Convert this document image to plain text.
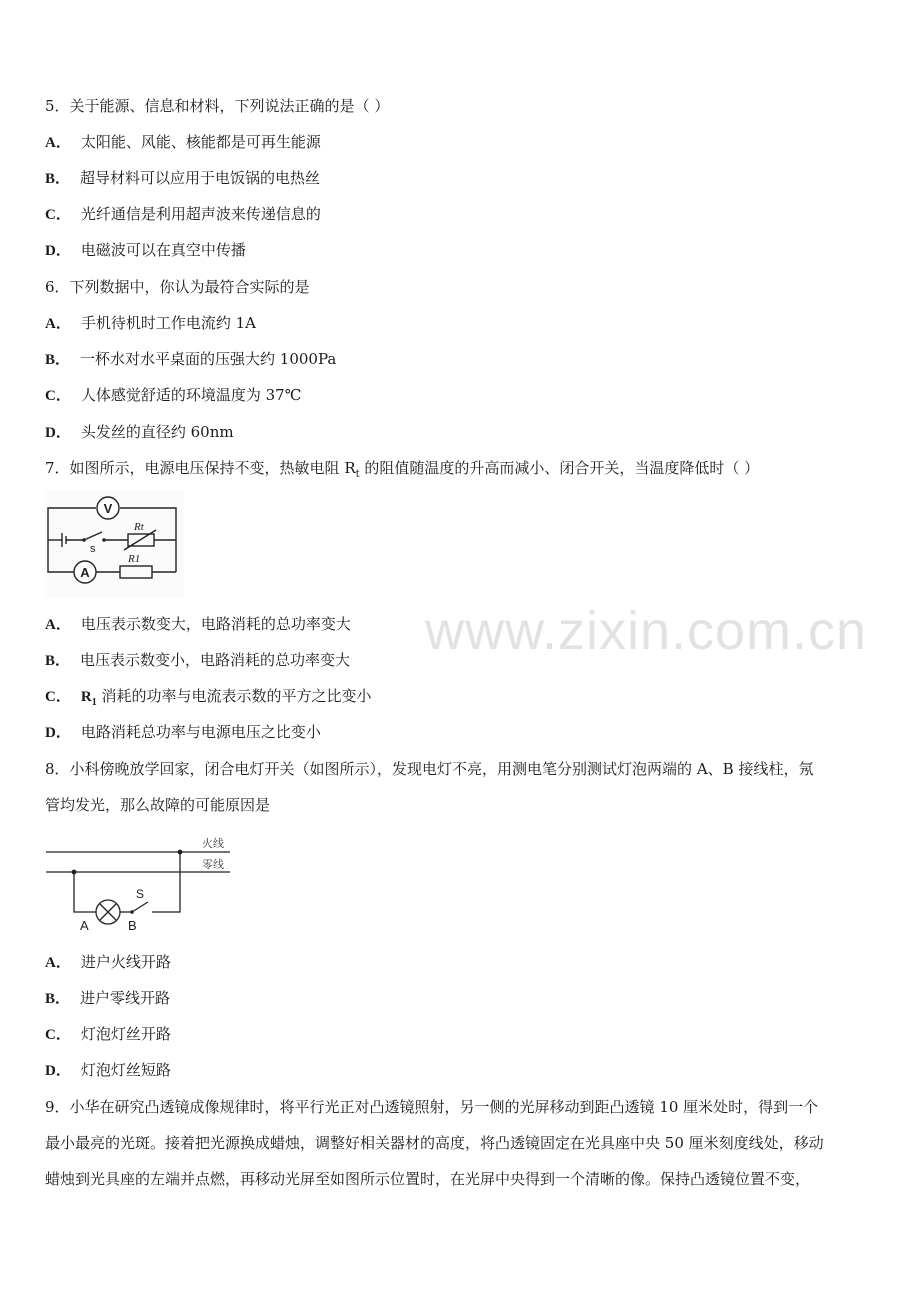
www.zixin.com.cn
5．关于能源、信息和材料，下列说法正确的是（ ）
A． 太阳能、风能、核能都是可再生能源
B． 超导材料可以应用于电饭锅的电热丝
C． 光纤通信是利用超声波来传递信息的
D． 电磁波可以在真空中传播
6．下列数据中，你认为最符合实际的是
A． 手机待机时工作电流约 1A
B． 一杯水对水平桌面的压强大约 1000Pa
C． 人体感觉舒适的环境温度为 37℃
D． 头发丝的直径约 60nm
7．如图所示，电源电压保持不变，热敏电阻 $R_t$ 的阻值随温度的升高而减小、闭合开关，当温度降低时（ ）
V
A
s
Rt
R1
A． 电压表示数变大，电路消耗的总功率变大
B． 电压表示数变小，电路消耗的总功率变大
C． $R_1$ 消耗的功率与电流表示数的平方之比变小
D． 电路消耗总功率与电源电压之比变小
8．小科傍晚放学回家，闭合电灯开关（如图所示），发现电灯不亮，用测电笔分别测试灯泡两端的 A、B 接线柱，氖
管均发光，那么故障的可能原因是
火线
零线
S
A	B
A． 进户火线开路
B． 进户零线开路
C． 灯泡灯丝开路
D． 灯泡灯丝短路
9．小华在研究凸透镜成像规律时，将平行光正对凸透镜照射，另一侧的光屏移动到距凸透镜 10 厘米处时，得到一个
最小最亮的光斑。接着把光源换成蜡烛，调整好相关器材的高度，将凸透镜固定在光具座中央 50 厘米刻度线处，移动
蜡烛到光具座的左端并点燃，再移动光屏至如图所示位置时，在光屏中央得到一个清晰的像。保持凸透镜位置不变，
